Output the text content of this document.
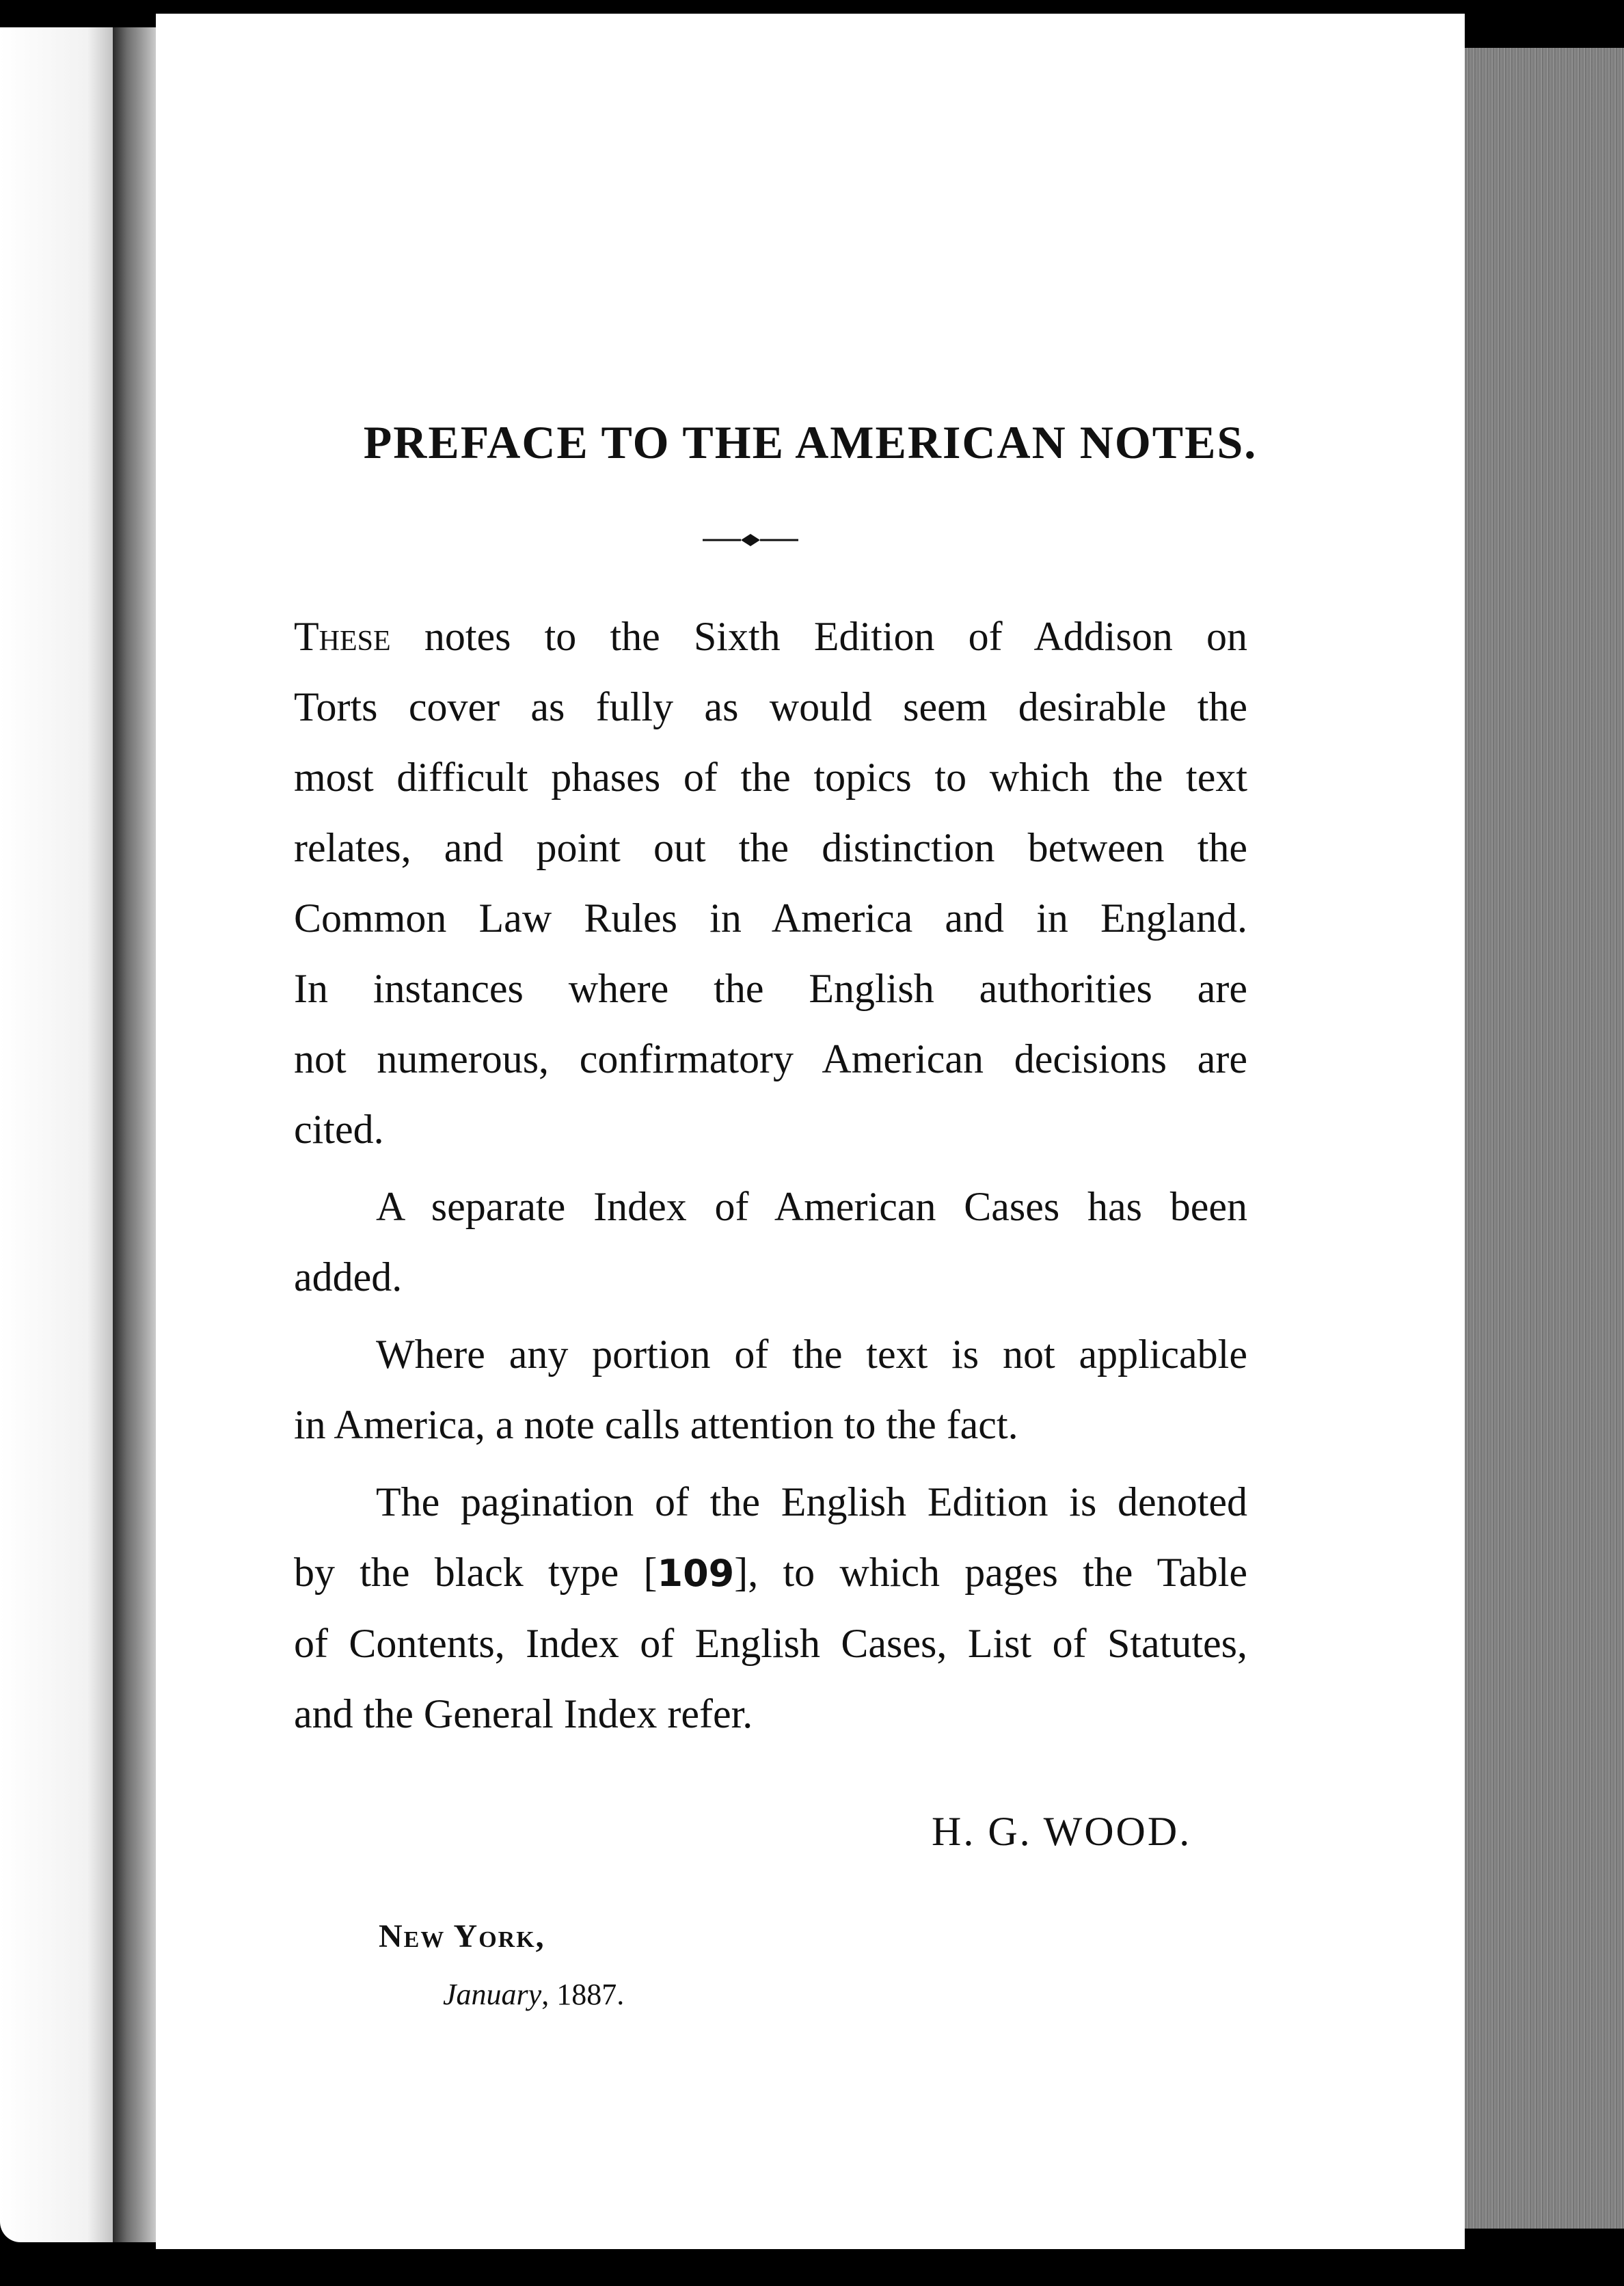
PREFACE TO THE AMERICAN NOTES.
These notes to the Sixth Edition of Addison on
Torts cover as fully as would seem desirable the
most difficult phases of the topics to which the text
relates, and point out the distinction between the
Common Law Rules in America and in England.
In instances where the English authorities are
not numerous, confirmatory American decisions are
cited.
A separate Index of American Cases has been
added.
Where any portion of the text is not applicable
in America, a note calls attention to the fact.
The pagination of the English Edition is denoted
by the black type [109], to which pages the Table
of Contents, Index of English Cases, List of Statutes,
and the General Index refer.
H. G. WOOD.
New York,
January, 1887.
